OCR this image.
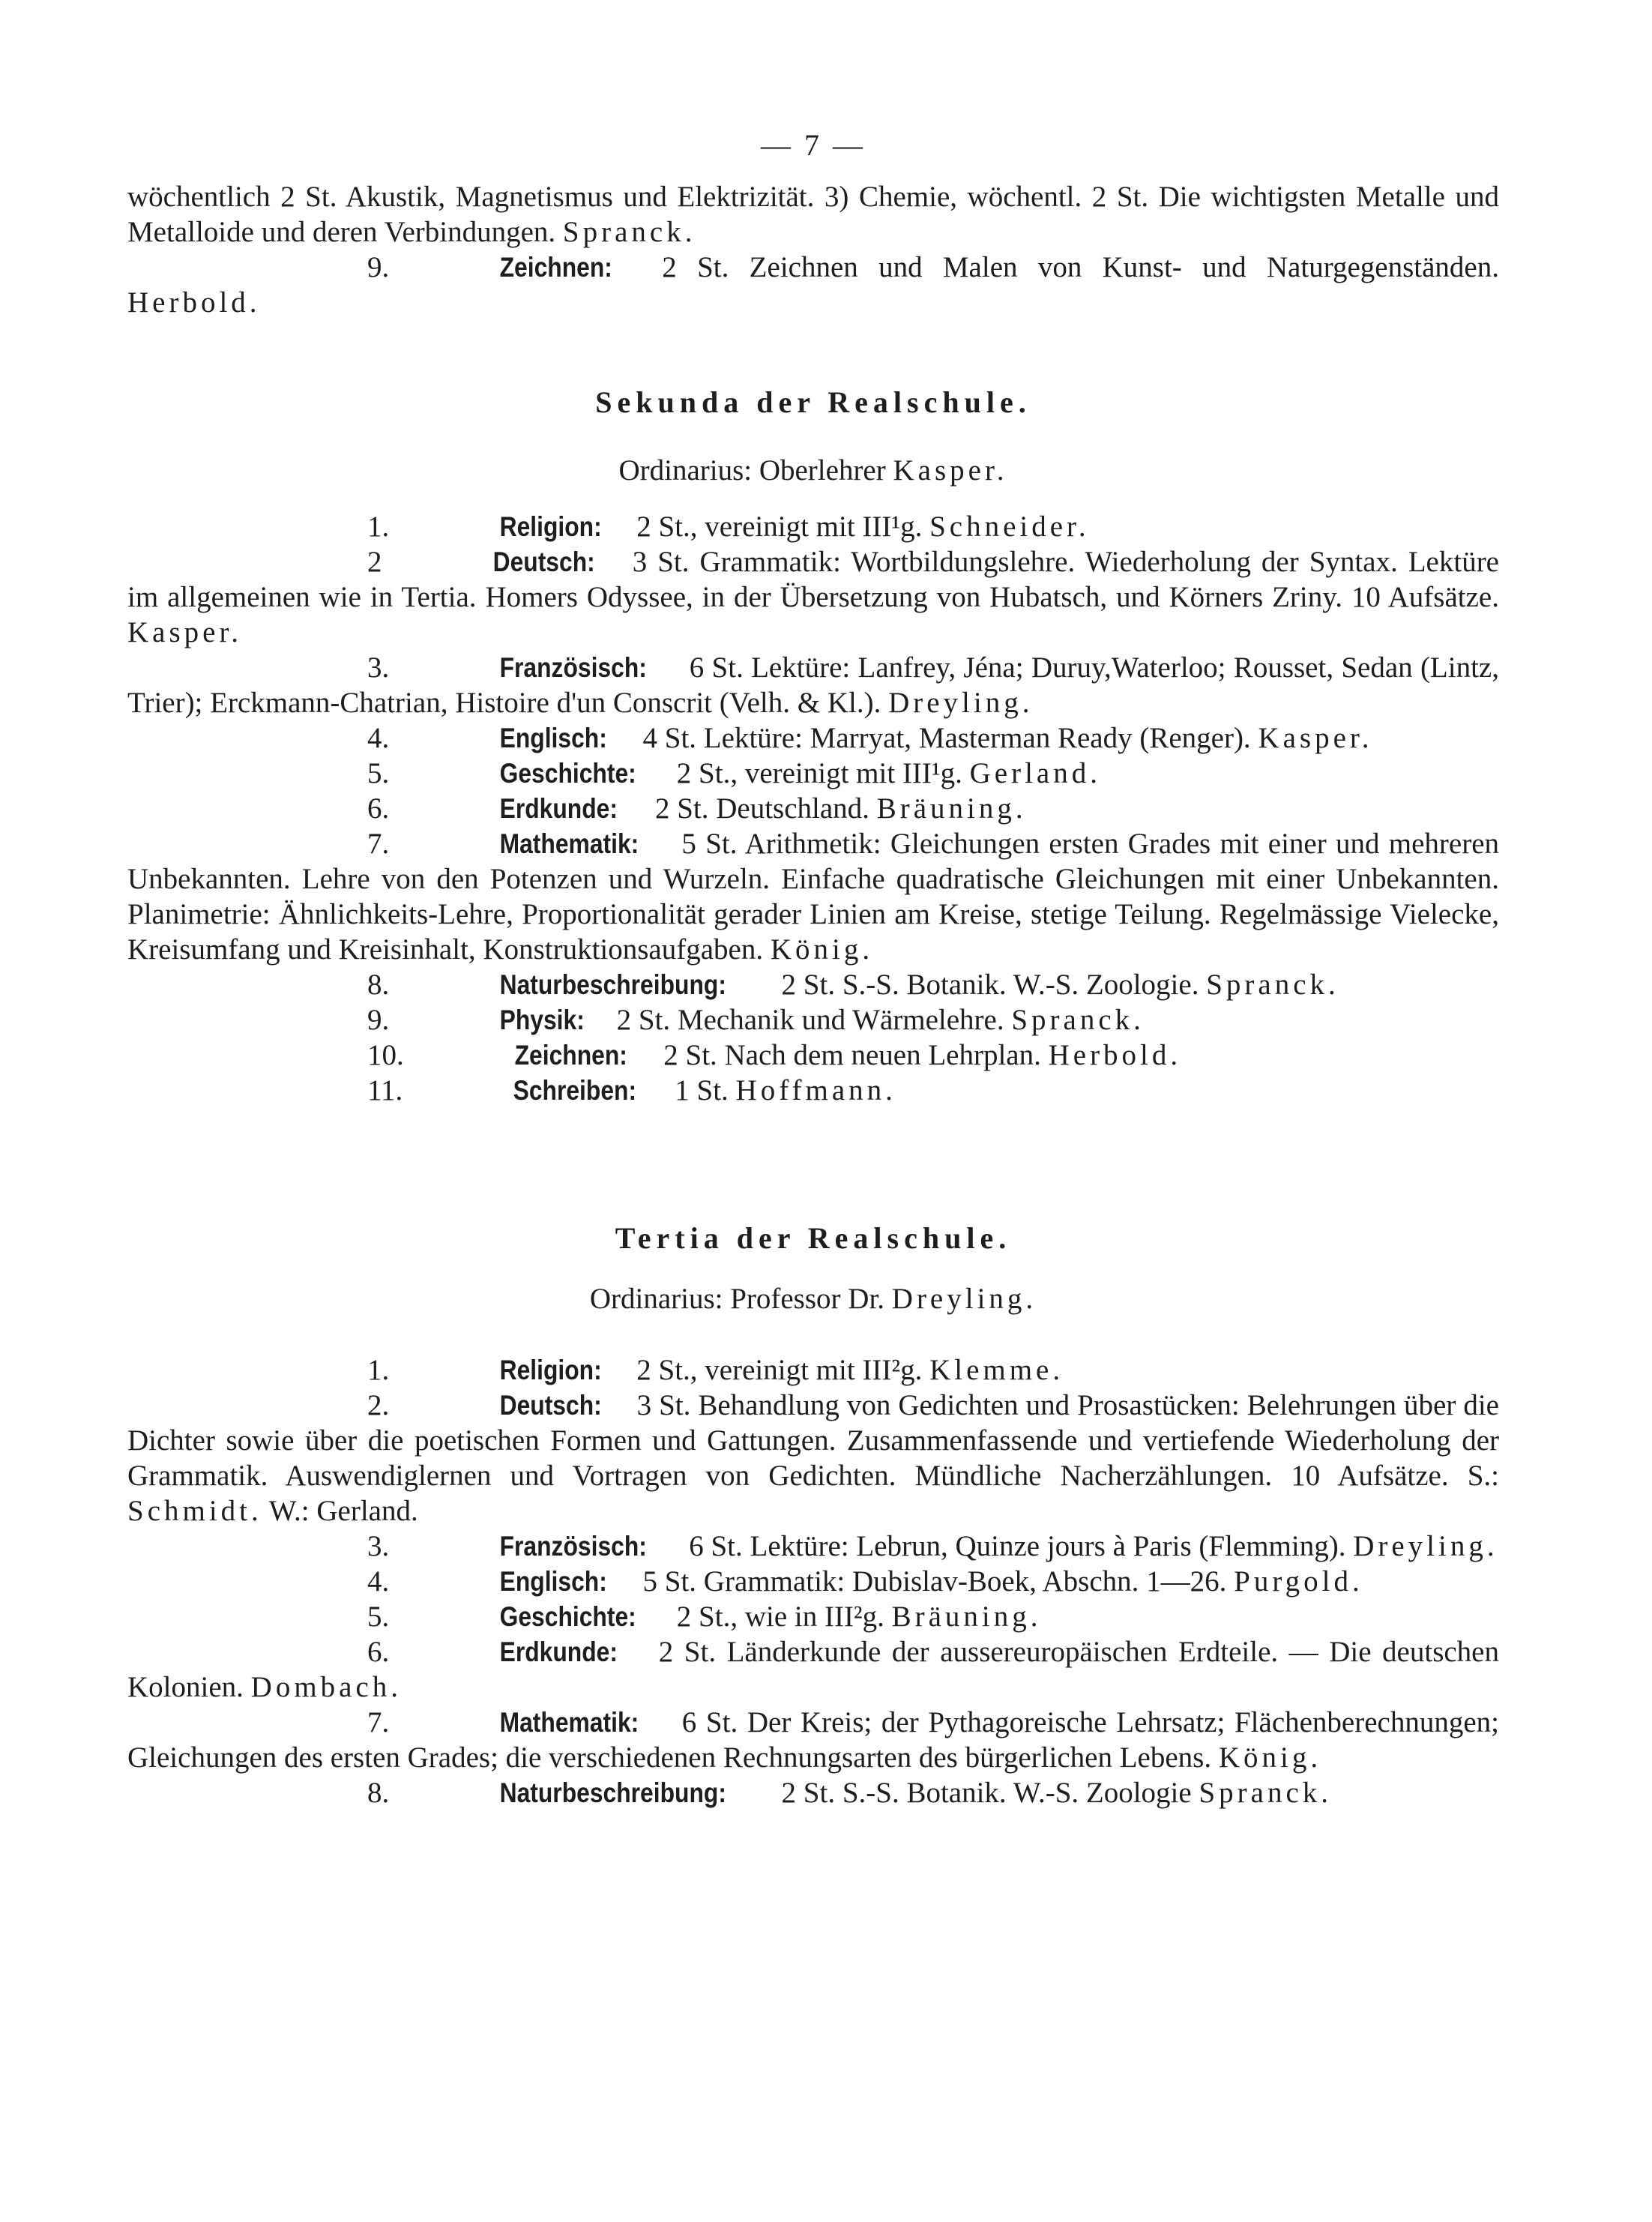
— 7 —

wöchentlich 2 St. Akustik, Magnetismus und Elektrizität. 3) Chemie, wöchentl. 2 St. Die wichtigsten Metalle und Metalloide und deren Verbindungen. Spranck.

9.	Zeichnen: 2 St. Zeichnen und Malen von Kunst- und Naturgegenständen. Herbold.

Sekunda der Realschule.

Ordinarius: Oberlehrer Kasper.

1.	Religion: 2 St., vereinigt mit III¹g. Schneider.

2	Deutsch: 3 St. Grammatik: Wortbildungslehre. Wiederholung der Syntax. Lektüre im allgemeinen wie in Tertia. Homers Odyssee, in der Übersetzung von Hubatsch, und Körners Zriny. 10 Aufsätze. Kasper.

3.	Französisch: 6 St. Lektüre: Lanfrey, Jéna; Duruy,Waterloo; Rousset, Sedan (Lintz, Trier); Erckmann-Chatrian, Histoire d'un Conscrit (Velh. & Kl.). Dreyling.

4.	Englisch: 4 St. Lektüre: Marryat, Masterman Ready (Renger). Kasper.

5.	Geschichte: 2 St., vereinigt mit III¹g. Gerland.

6.	Erdkunde: 2 St. Deutschland. Bräuning.

7.	Mathematik: 5 St. Arithmetik: Gleichungen ersten Grades mit einer und mehreren Unbekannten. Lehre von den Potenzen und Wurzeln. Einfache quadratische Gleichungen mit einer Unbekannten. Planimetrie: Ähnlichkeits-Lehre, Proportionalität gerader Linien am Kreise, stetige Teilung. Regelmässige Vielecke, Kreisumfang und Kreisinhalt, Konstruktionsaufgaben. König.

8.	Naturbeschreibung: 2 St. S.-S. Botanik. W.-S. Zoologie. Spranck.

9.	Physik: 2 St. Mechanik und Wärmelehre. Spranck.

10.	Zeichnen: 2 St. Nach dem neuen Lehrplan. Herbold.

11.	Schreiben: 1 St. Hoffmann.

Tertia der Realschule.

Ordinarius: Professor Dr. Dreyling.

1.	Religion: 2 St., vereinigt mit III²g. Klemme.

2.	Deutsch: 3 St. Behandlung von Gedichten und Prosastücken: Belehrungen über die Dichter sowie über die poetischen Formen und Gattungen. Zusammenfassende und vertiefende Wiederholung der Grammatik. Auswendiglernen und Vortragen von Gedichten. Mündliche Nacherzählungen. 10 Aufsätze. S.: Schmidt. W.: Gerland.

3.	Französisch: 6 St. Lektüre: Lebrun, Quinze jours à Paris (Flemming). Dreyling.

4.	Englisch: 5 St. Grammatik: Dubislav-Boek, Abschn. 1—26. Purgold.

5.	Geschichte: 2 St., wie in III²g. Bräuning.

6.	Erdkunde: 2 St. Länderkunde der aussereuropäischen Erdteile. — Die deutschen Kolonien. Dombach.

7.	Mathematik: 6 St. Der Kreis; der Pythagoreische Lehrsatz; Flächenberechnungen; Gleichungen des ersten Grades; die verschiedenen Rechnungsarten des bürgerlichen Lebens. König.

8.	Naturbeschreibung: 2 St. S.-S. Botanik. W.-S. Zoologie Spranck.
